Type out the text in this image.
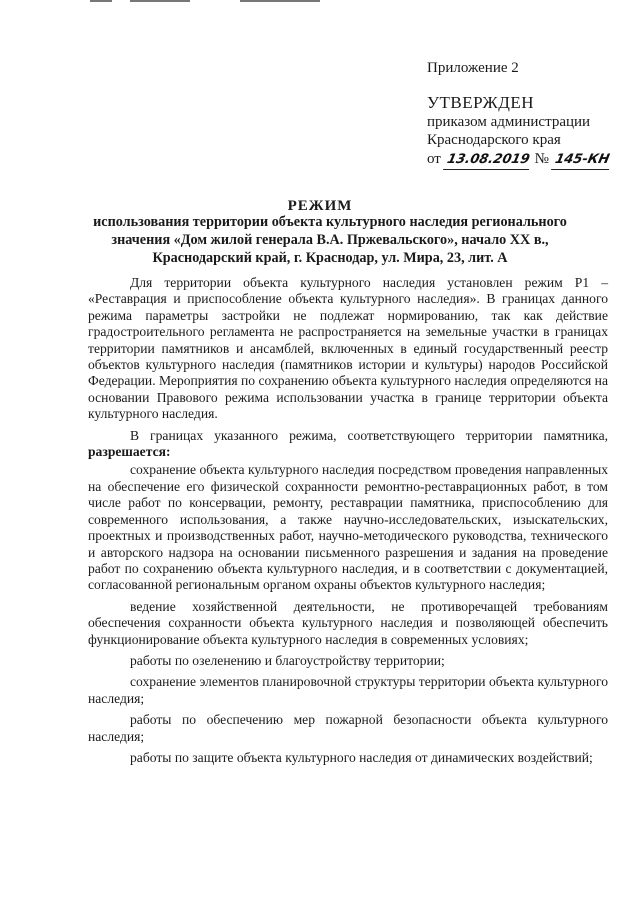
Приложение 2
УТВЕРЖДЕН
приказом администрации
Краснодарского края
от 13.08.2019 № 145-КН
РЕЖИМ
использования территории объекта культурного наследия регионального
значения «Дом жилой генерала В.А. Пржевальского», начало XX в.,
Краснодарский край, г. Краснодар, ул. Мира, 23, лит. А

Для территории объекта культурного наследия установлен режим Р1 – «Реставрация и приспособление объекта культурного наследия». В границах данного режима параметры застройки не подлежат нормированию, так как действие градостроительного регламента не распространяется на земельные участки в границах территории памятников и ансамблей, включенных в единый государственный реестр объектов культурного наследия (памятников истории и культуры) народов Российской Федерации. Мероприятия по сохранению объекта культурного наследия определяются на основании Правового режима использовании участка в границе территории объекта культурного наследия.

В границах указанного режима, соответствующего территории памятника, разрешается:

сохранение объекта культурного наследия посредством проведения направленных на обеспечение его физической сохранности ремонтно-реставрационных работ, в том числе работ по консервации, ремонту, реставрации памятника, приспособлению для современного использования, а также научно-исследовательских, изыскательских, проектных и производственных работ, научно-методического руководства, технического и авторского надзора на основании письменного разрешения и задания на проведение работ по сохранению объекта культурного наследия, и в соответствии с документацией, согласованной региональным органом охраны объектов культурного наследия;

ведение хозяйственной деятельности, не противоречащей требованиям обеспечения сохранности объекта культурного наследия и позволяющей обеспечить функционирование объекта культурного наследия в современных условиях;

работы по озеленению и благоустройству территории;

сохранение элементов планировочной структуры территории объекта культурного наследия;

работы по обеспечению мер пожарной безопасности объекта культурного наследия;

работы по защите объекта культурного наследия от динамических воздействий;
